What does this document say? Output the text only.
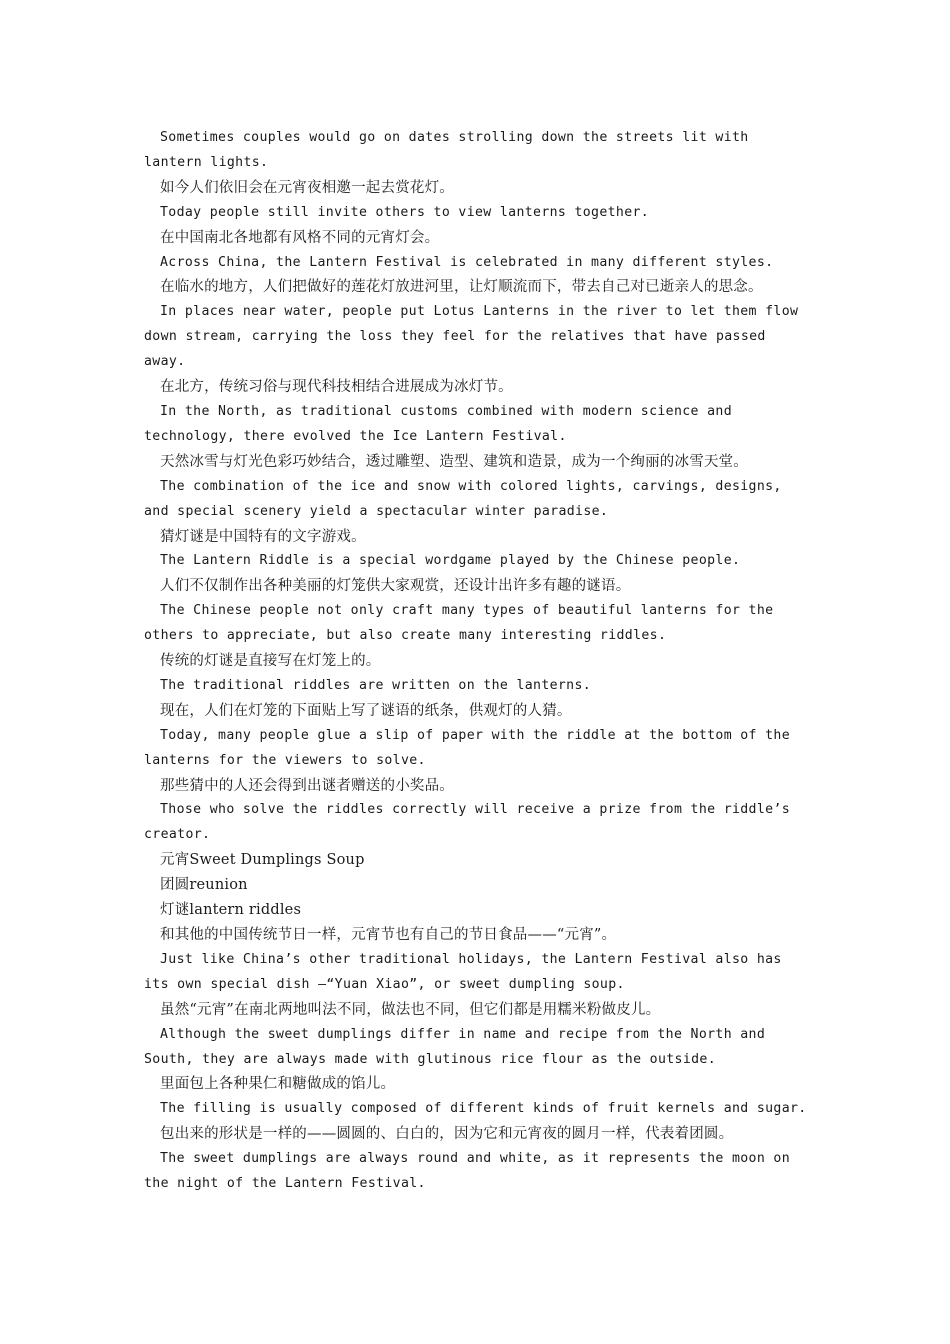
Sometimes couples would go on dates strolling down the streets lit with lantern lights.

如今人们依旧会在元宵夜相邀一起去赏花灯。

Today people still invite others to view lanterns together.

在中国南北各地都有风格不同的元宵灯会。

Across China, the Lantern Festival is celebrated in many different styles.

在临水的地方，人们把做好的莲花灯放进河里，让灯顺流而下，带去自己对已逝亲人的思念。

In places near water, people put Lotus Lanterns in the river to let them flow down stream, carrying the loss they feel for the relatives that have passed away.

在北方，传统习俗与现代科技相结合进展成为冰灯节。

In the North, as traditional customs combined with modern science and technology, there evolved the Ice Lantern Festival.

天然冰雪与灯光色彩巧妙结合，透过雕塑、造型、建筑和造景，成为一个绚丽的冰雪天堂。

The combination of the ice and snow with colored lights, carvings, designs, and special scenery yield a spectacular winter paradise.

猜灯谜是中国特有的文字游戏。

The Lantern Riddle is a special wordgame played by the Chinese people.

人们不仅制作出各种美丽的灯笼供大家观赏，还设计出许多有趣的谜语。

The Chinese people not only craft many types of beautiful lanterns for the others to appreciate, but also create many interesting riddles.

传统的灯谜是直接写在灯笼上的。

The traditional riddles are written on the lanterns.

现在，人们在灯笼的下面贴上写了谜语的纸条，供观灯的人猜。

Today, many people glue a slip of paper with the riddle at the bottom of the lanterns for the viewers to solve.

那些猜中的人还会得到出谜者赠送的小奖品。

Those who solve the riddles correctly will receive a prize from the riddle’s creator.

元宵Sweet Dumplings Soup

团圆reunion

灯谜lantern riddles

和其他的中国传统节日一样，元宵节也有自己的节日食品——“元宵”。

Just like China’s other traditional holidays, the Lantern Festival also has its own special dish —“Yuan Xiao”, or sweet dumpling soup.

虽然“元宵”在南北两地叫法不同，做法也不同，但它们都是用糯米粉做皮儿。

Although the sweet dumplings differ in name and recipe from the North and South, they are always made with glutinous rice flour as the outside.

里面包上各种果仁和糖做成的馅儿。

The filling is usually composed of different kinds of fruit kernels and sugar.

包出来的形状是一样的——圆圆的、白白的，因为它和元宵夜的圆月一样，代表着团圆。

The sweet dumplings are always round and white, as it represents the moon on the night of the Lantern Festival.
